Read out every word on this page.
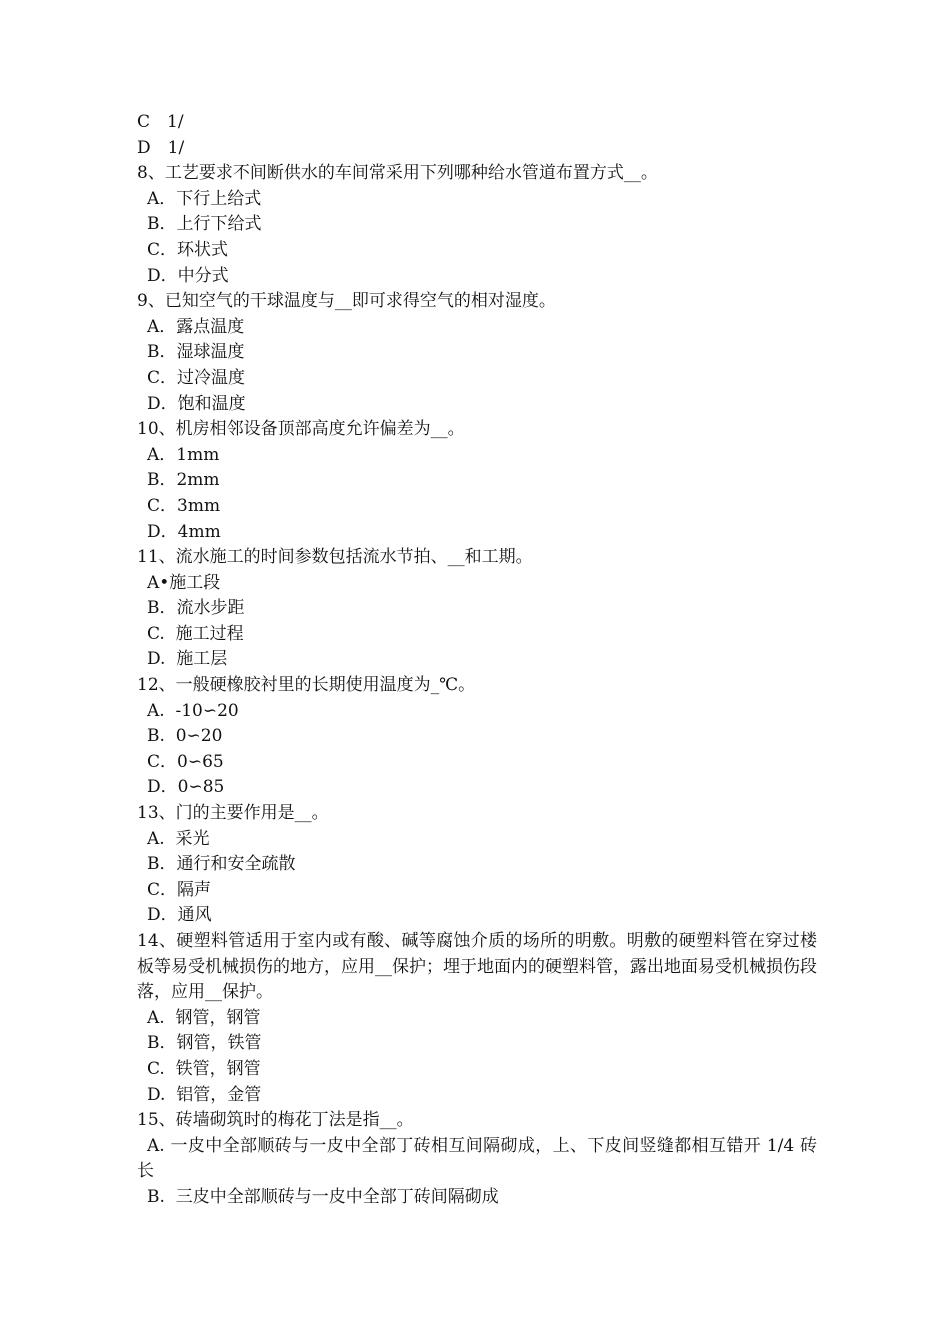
C　1/

D　1/

8、工艺要求不间断供水的车间常采用下列哪种给水管道布置方式__。

A．下行上给式

B．上行下给式

C．环状式

D．中分式

9、已知空气的干球温度与__即可求得空气的相对湿度。

A．露点温度

B．湿球温度

C．过冷温度

D．饱和温度

10、机房相邻设备顶部高度允许偏差为__。

A．1mm

B．2mm

C．3mm

D．4mm

11、流水施工的时间参数包括流水节拍、__和工期。

A•施工段

B．流水步距

C.  施工过程

D.  施工层

12、一般硬橡胶衬里的长期使用温度为_℃。

A.  -10∽20

B.  0∽20

C．0∽65

D．0∽85

13、门的主要作用是__。

A.  采光

B．通行和安全疏散

C．隔声

D．通风

14、硬塑料管适用于室内或有酸、碱等腐蚀介质的场所的明敷。明敷的硬塑料管在穿过楼板等易受机械损伤的地方，应用__保护；埋于地面内的硬塑料管，露出地面易受机械损伤段落，应用__保护。

A.  钢管，钢管

B．钢管，铁管

C.  铁管，钢管

D.  铝管，金管

15、砖墙砌筑时的梅花丁法是指__。

A. 一皮中全部顺砖与一皮中全部丁砖相互间隔砌成，上、下皮间竖缝都相互错开 1/4 砖长

B.  三皮中全部顺砖与一皮中全部丁砖间隔砌成
